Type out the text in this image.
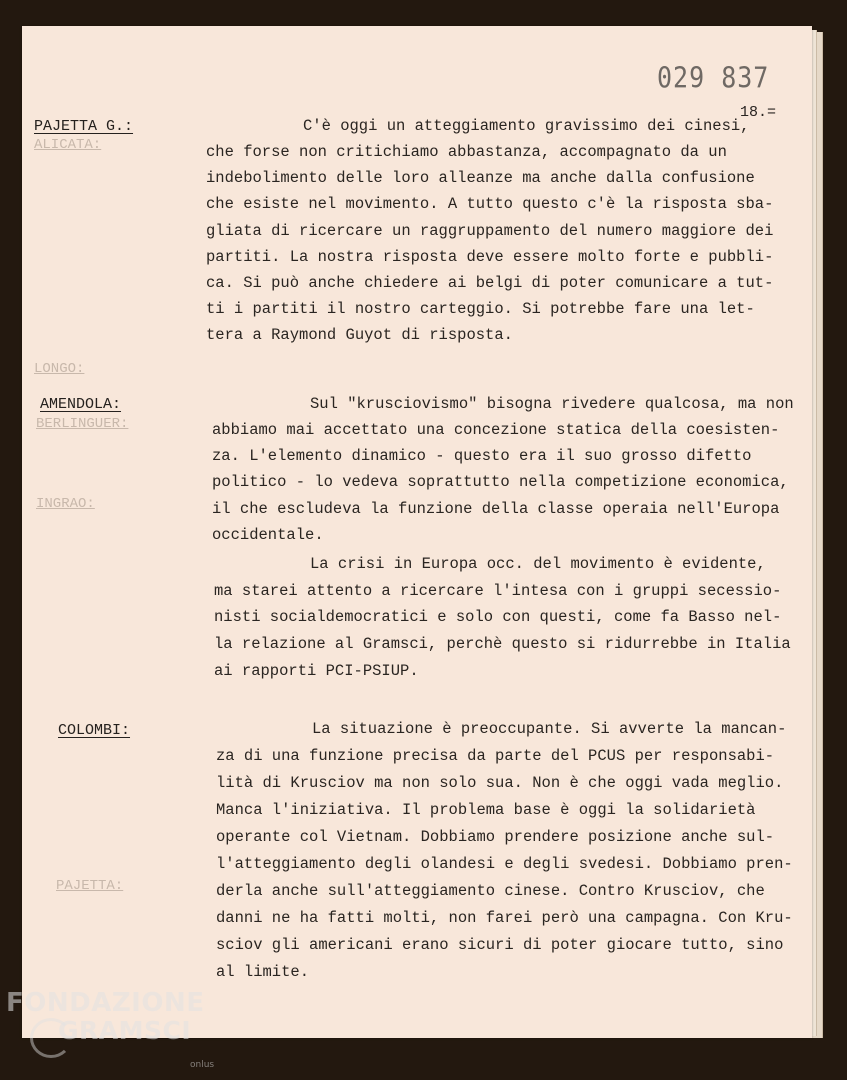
029 837
18.=
ALICATA:
LONGO:
BERLINGUER:
INGRAO:
PAJETTA:
PAJETTA G.:	C'è oggi un atteggiamento gravissimo dei cinesi,
che forse non critichiamo abbastanza, accompagnato da un
indebolimento delle loro alleanze ma anche dalla confusione
che esiste nel movimento. A tutto questo c'è la risposta sba-
gliata di ricercare un raggruppamento del numero maggiore dei
partiti. La nostra risposta deve essere molto forte e pubbli-
ca. Si può anche chiedere ai belgi di poter comunicare a tut-
ti i partiti il nostro carteggio. Si potrebbe fare una let-
tera a Raymond Guyot di risposta.
AMENDOLA:	Sul "krusciovismo" bisogna rivedere qualcosa, ma non
abbiamo mai accettato una concezione statica della coesisten-
za. L'elemento dinamico - questo era il suo grosso difetto
politico - lo vedeva soprattutto nella competizione economica,
il che escludeva la funzione della classe operaia nell'Europa
occidentale.
La crisi in Europa occ. del movimento è evidente,
ma starei attento a ricercare l'intesa con i gruppi secessio-
nisti socialdemocratici e solo con questi, come fa Basso nel-
la relazione al Gramsci, perchè questo si ridurrebbe in Italia
ai rapporti PCI-PSIUP.
COLOMBI:	La situazione è preoccupante. Si avverte la mancan-
za di una funzione precisa da parte del PCUS per responsabi-
lità di Krusciov ma non solo sua. Non è che oggi vada meglio.
Manca l'iniziativa. Il problema base è oggi la solidarietà
operante col Vietnam. Dobbiamo prendere posizione anche sul-
l'atteggiamento degli olandesi e degli svedesi. Dobbiamo pren-
derla anche sull'atteggiamento cinese. Contro Krusciov, che
danni ne ha fatti molti, non farei però una campagna. Con Kru-
sciov gli americani erano sicuri di poter giocare tutto, sino
al limite.
FONDAZIONE
GRAMSCI
onlus
